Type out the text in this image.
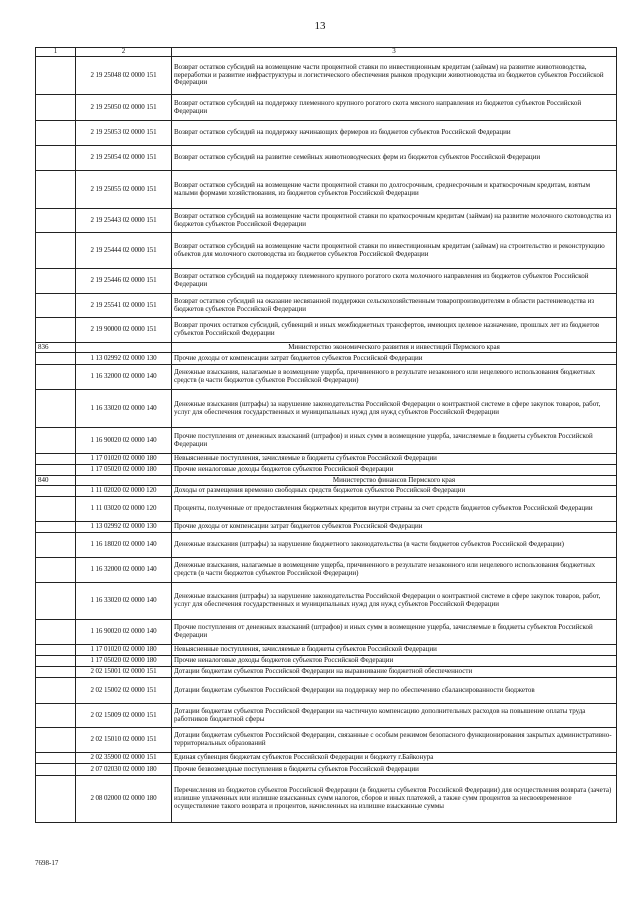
13
1	2	3
	2 19 25048 02 0000 151	Возврат остатков субсидий на возмещение части процентной ставки по инвестиционным кредитам (займам) на развитие животноводства, переработки и развитие инфраструктуры и логистического обеспечения рынков продукции животноводства из бюджетов субъектов Российской Федерации
	2 19 25050 02 0000 151	Возврат остатков субсидий на поддержку племенного крупного рогатого скота мясного направления из бюджетов субъектов Российской Федерации
	2 19 25053 02 0000 151	Возврат остатков субсидий на поддержку начинающих фермеров из бюджетов субъектов Российской Федерации
	2 19 25054 02 0000 151	Возврат остатков субсидий на развитие семейных животноводческих ферм из бюджетов субъектов Российской Федерации
	2 19 25055 02 0000 151	Возврат остатков субсидий на возмещение части процентной ставки по долгосрочным, среднесрочным и краткосрочным кредитам, взятым малыми формами хозяйствования, из бюджетов субъектов Российской Федерации
	2 19 25443 02 0000 151	Возврат остатков субсидий на возмещение части процентной ставки по краткосрочным кредитам (займам) на развитие молочного скотоводства из бюджетов субъектов Российской Федерации
	2 19 25444 02 0000 151	Возврат остатков субсидий на возмещение части процентной ставки по инвестиционным кредитам (займам) на строительство и реконструкцию объектов для молочного скотоводства из бюджетов субъектов Российской Федерации
	2 19 25446 02 0000 151	Возврат остатков субсидий на поддержку племенного крупного рогатого скота молочного направления из бюджетов субъектов Российской Федерации
	2 19 25541 02 0000 151	Возврат остатков субсидий на оказание несвязанной поддержки сельскохозяйственным товаропроизводителям в области растениеводства из бюджетов субъектов Российской Федерации
	2 19 90000 02 0000 151	Возврат прочих остатков субсидий, субвенций и иных межбюджетных трансфертов, имеющих целевое назначение, прошлых лет из бюджетов субъектов Российской Федерации
836		Министерство экономического развития и инвестиций Пермского края
	1 13 02992 02 0000 130	Прочие доходы от компенсации затрат бюджетов субъектов Российской Федерации
	1 16 32000 02 0000 140	Денежные взыскания, налагаемые в возмещение ущерба, причиненного в результате незаконного или нецелевого использования бюджетных средств (в части бюджетов субъектов Российской Федерации)
	1 16 33020 02 0000 140	Денежные взыскания (штрафы) за нарушение законодательства Российской Федерации о контрактной системе в сфере закупок товаров, работ, услуг для обеспечения государственных и муниципальных нужд для нужд субъектов Российской Федерации
	1 16 90020 02 0000 140	Прочие поступления от денежных взысканий (штрафов) и иных сумм в возмещение ущерба, зачисляемые в бюджеты субъектов Российской Федерации
	1 17 01020 02 0000 180	Невыясненные поступления, зачисляемые в бюджеты субъектов Российской Федерации
	1 17 05020 02 0000 180	Прочие неналоговые доходы бюджетов субъектов Российской Федерации
840		Министерство финансов Пермского края
	1 11 02020 02 0000 120	Доходы от размещения временно свободных средств бюджетов субъектов Российской Федерации
	1 11 03020 02 0000 120	Проценты, полученные от предоставления бюджетных кредитов внутри страны за счет средств бюджетов субъектов Российской Федерации
	1 13 02992 02 0000 130	Прочие доходы от компенсации затрат бюджетов субъектов Российской Федерации
	1 16 18020 02 0000 140	Денежные взыскания (штрафы) за нарушение бюджетного законодательства (в части бюджетов субъектов Российской Федерации)
	1 16 32000 02 0000 140	Денежные взыскания, налагаемые в возмещение ущерба, причиненного в результате незаконного или нецелевого использования бюджетных средств (в части бюджетов субъектов Российской Федерации)
	1 16 33020 02 0000 140	Денежные взыскания (штрафы) за нарушение законодательства Российской Федерации о контрактной системе в сфере закупок товаров, работ, услуг для обеспечения государственных и муниципальных нужд для нужд субъектов Российской Федерации
	1 16 90020 02 0000 140	Прочие поступления от денежных взысканий (штрафов) и иных сумм в возмещение ущерба, зачисляемые в бюджеты субъектов Российской Федерации
	1 17 01020 02 0000 180	Невыясненные поступления, зачисляемые в бюджеты субъектов Российской Федерации
	1 17 05020 02 0000 180	Прочие неналоговые доходы бюджетов субъектов Российской Федерации
	2 02 15001 02 0000 151	Дотации бюджетам субъектов Российской Федерации на выравнивание бюджетной обеспеченности
	2 02 15002 02 0000 151	Дотации бюджетам субъектов Российской Федерации на поддержку мер по обеспечению сбалансированности бюджетов
	2 02 15009 02 0000 151	Дотации бюджетам субъектов Российской Федерации на частичную компенсацию дополнительных расходов на повышение оплаты труда работников бюджетной сферы
	2 02 15010 02 0000 151	Дотации бюджетам субъектов Российской Федерации, связанные с особым режимом безопасного функционирования закрытых административно-территориальных образований
	2 02 35900 02 0000 151	Единая субвенция бюджетам субъектов Российской Федерации и бюджету г.Байконура
	2 07 02030 02 0000 180	Прочие безвозмездные поступления в бюджеты субъектов Российской Федерации
	2 08 02000 02 0000 180	Перечисления из бюджетов субъектов Российской Федерации (в бюджеты субъектов Российской Федерации) для осуществления возврата (зачета) излишне уплаченных или излишне взысканных сумм налогов, сборов и иных платежей, а также сумм процентов за несвоевременное осуществление такого возврата и процентов, начисленных на излишне взысканные суммы
7698-17
